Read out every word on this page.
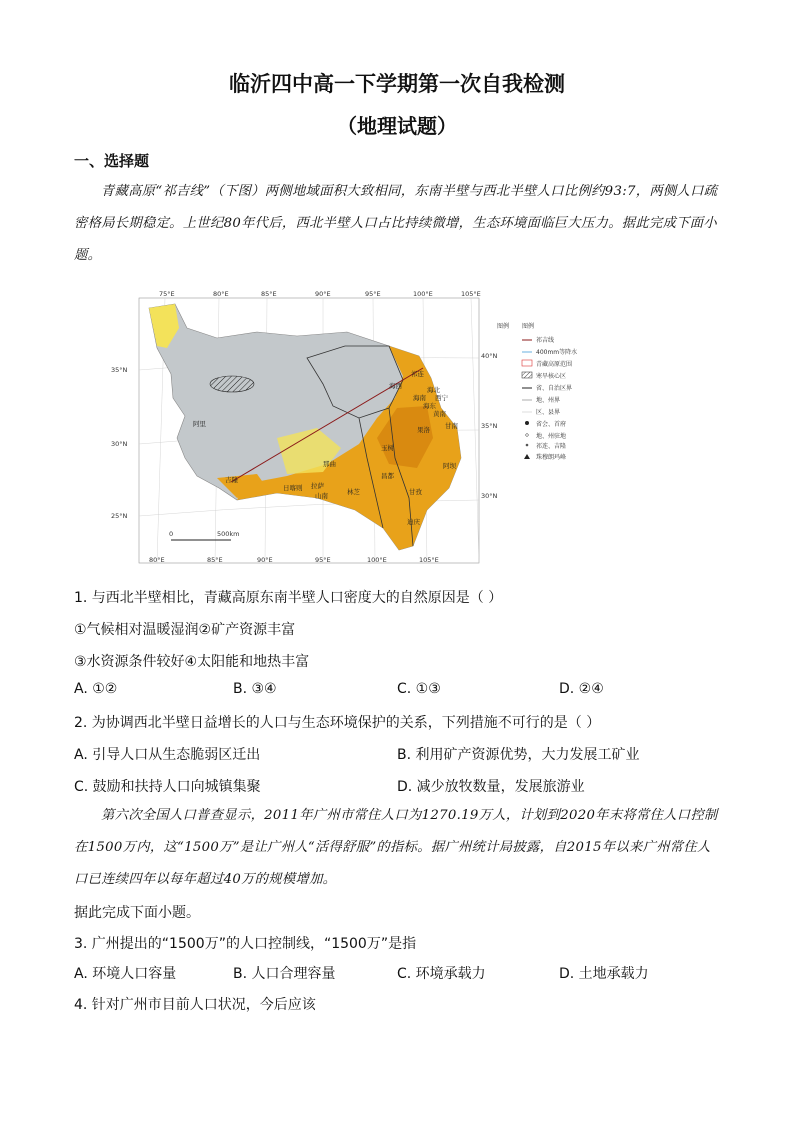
临沂四中高一下学期第一次自我检测
（地理试题）
一、选择题
青藏高原“祁吉线”（下图）两侧地域面积大致相同，东南半壁与西北半壁人口比例约93:7，两侧人口疏密格局长期稳定。上世纪80年代后，西北半壁人口占比持续微增，生态环境面临巨大压力。据此完成下面小题。
祁连
海西	海北
海东
西宁
黄南
海南
果洛 甘南
玉树
阿坝
那曲
昌都
甘孜
日喀则 拉萨
林芝
山南
迪庆
阿里
吉隆
75°E	80°E	85°E	90°E	95°E	100°E	105°E
80°E	85°E	90°E	95°E	100°E	105°E
35°N
30°N
25°N
40°N
35°N
30°N
0	500km
图例 图例
祁吉线
400mm等降水
青藏高原范围
寒旱核心区
省、自治区界
地、州界
区、县界
省会、首府
地、州驻地
祁连、吉隆
珠穆朗玛峰
1. 与西北半壁相比，青藏高原东南半壁人口密度大的自然原因是（ ）
①气候相对温暖湿润②矿产资源丰富
③水资源条件较好④太阳能和地热丰富
A. ①②	B. ③④	C. ①③	D. ②④
2. 为协调西北半壁日益增长的人口与生态环境保护的关系，下列措施不可行的是（ ）
A. 引导人口从生态脆弱区迁出	B. 利用矿产资源优势，大力发展工矿业
C. 鼓励和扶持人口向城镇集聚	D. 减少放牧数量，发展旅游业
第六次全国人口普查显示，2011年广州市常住人口为1270.19万人，计划到2020年末将常住人口控制在1500万内，这“1500万”是让广州人“活得舒服”的指标。据广州统计局披露，自2015年以来广州常住人口已连续四年以每年超过40万的规模增加。
据此完成下面小题。
3. 广州提出的“1500万”的人口控制线，“1500万”是指
A. 环境人口容量	B. 人口合理容量	C. 环境承载力	D. 土地承载力
4. 针对广州市目前人口状况，今后应该
